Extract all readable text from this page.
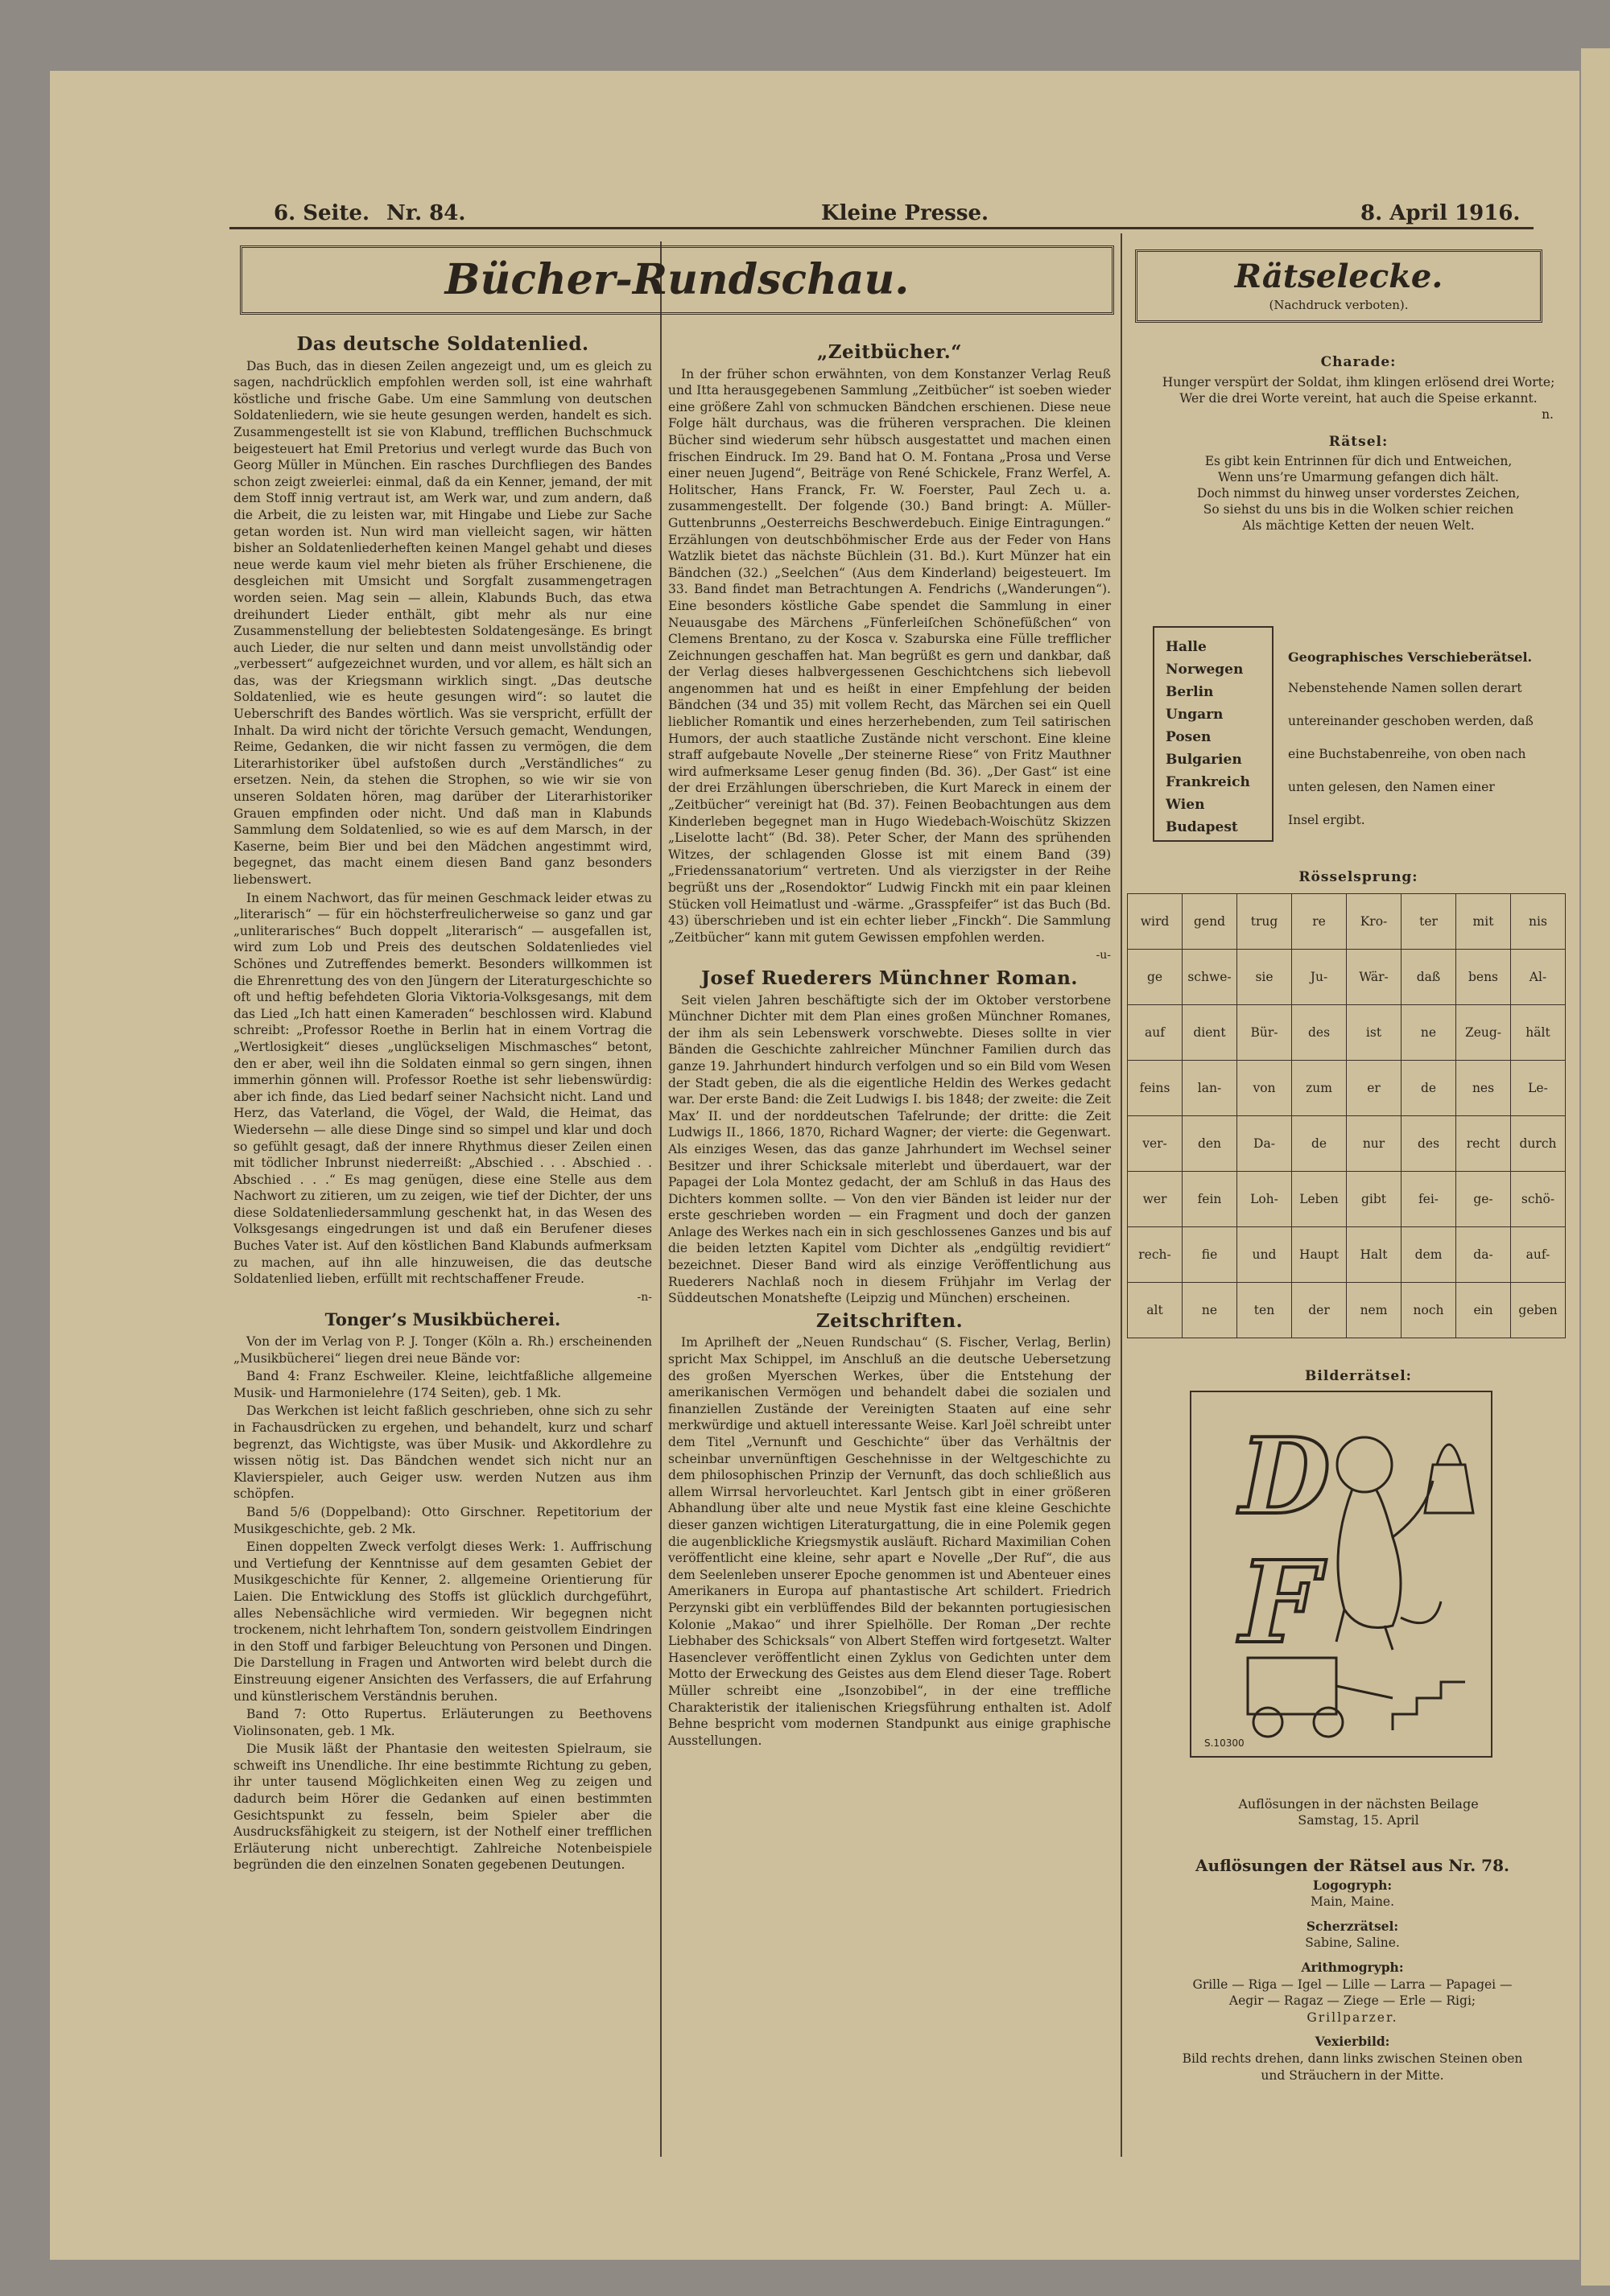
6. Seite. Nr. 84.	Kleine Presse.	8. April 1916.
Bücher-Rundschau.
Das deutsche Soldatenlied.

Das Buch, das in diesen Zeilen angezeigt und, um es gleich zu sagen, nachdrücklich empfohlen werden soll, ist eine wahrhaft köstliche und frische Gabe. Um eine Sammlung von deutschen Soldatenliedern, wie sie heute gesungen werden, handelt es sich. Zusammengestellt ist sie von Klabund, trefflichen Buchschmuck beigesteuert hat Emil Pretorius und verlegt wurde das Buch von Georg Müller in München. Ein rasches Durchfliegen des Bandes schon zeigt zweierlei: einmal, daß da ein Kenner, jemand, der mit dem Stoff innig vertraut ist, am Werk war, und zum andern, daß die Arbeit, die zu leisten war, mit Hingabe und Liebe zur Sache getan worden ist. Nun wird man vielleicht sagen, wir hätten bisher an Soldatenliederheften keinen Mangel gehabt und dieses neue werde kaum viel mehr bieten als früher Erschienene, die desgleichen mit Umsicht und Sorgfalt zusammengetragen worden seien. Mag sein — allein, Klabunds Buch, das etwa dreihundert Lieder enthält, gibt mehr als nur eine Zusammenstellung der beliebtesten Soldatengesänge. Es bringt auch Lieder, die nur selten und dann meist unvollständig oder „verbessert“ aufgezeichnet wurden, und vor allem, es hält sich an das, was der Kriegsmann wirklich singt. „Das deutsche Soldatenlied, wie es heute gesungen wird“: so lautet die Ueberschrift des Bandes wörtlich. Was sie verspricht, erfüllt der Inhalt. Da wird nicht der törichte Versuch gemacht, Wendungen, Reime, Gedanken, die wir nicht fassen zu vermögen, die dem Literarhistoriker übel aufstoßen durch „Verständliches“ zu ersetzen. Nein, da stehen die Strophen, so wie wir sie von unseren Soldaten hören, mag darüber der Literarhistoriker Grauen empfinden oder nicht. Und daß man in Klabunds Sammlung dem Soldatenlied, so wie es auf dem Marsch, in der Kaserne, beim Bier und bei den Mädchen angestimmt wird, begegnet, das macht einem diesen Band ganz besonders liebenswert.

In einem Nachwort, das für meinen Geschmack leider etwas zu „literarisch“ — für ein höchsterfreulicherweise so ganz und gar „unliterarisches“ Buch doppelt „literarisch“ — ausgefallen ist, wird zum Lob und Preis des deutschen Soldatenliedes viel Schönes und Zutreffendes bemerkt. Besonders willkommen ist die Ehrenrettung des von den Jüngern der Literaturgeschichte so oft und heftig befehdeten Gloria Viktoria-Volksgesangs, mit dem das Lied „Ich hatt einen Kameraden“ beschlossen wird. Klabund schreibt: „Professor Roethe in Berlin hat in einem Vortrag die „Wertlosigkeit“ dieses „unglückseligen Mischmasches“ betont, den er aber, weil ihn die Soldaten einmal so gern singen, ihnen immerhin gönnen will. Professor Roethe ist sehr liebenswürdig: aber ich finde, das Lied bedarf seiner Nachsicht nicht. Land und Herz, das Vaterland, die Vögel, der Wald, die Heimat, das Wiedersehn — alle diese Dinge sind so simpel und klar und doch so gefühlt gesagt, daß der innere Rhythmus dieser Zeilen einen mit tödlicher Inbrunst niederreißt: „Abschied . . . Abschied . . Abschied . . .“ Es mag genügen, diese eine Stelle aus dem Nachwort zu zitieren, um zu zeigen, wie tief der Dichter, der uns diese Soldatenliedersammlung geschenkt hat, in das Wesen des Volksgesangs eingedrungen ist und daß ein Berufener dieses Buches Vater ist. Auf den köstlichen Band Klabunds aufmerksam zu machen, auf ihn alle hinzuweisen, die das deutsche Soldatenlied lieben, erfüllt mit rechtschaffener Freude.

-n-
Tonger’s Musikbücherei.

Von der im Verlag von P. J. Tonger (Köln a. Rh.) erscheinenden „Musikbücherei“ liegen drei neue Bände vor:

Band 4: Franz Eschweiler. Kleine, leichtfaßliche allgemeine Musik- und Harmonielehre (174 Seiten), geb. 1 Mk.

Das Werkchen ist leicht faßlich geschrieben, ohne sich zu sehr in Fachausdrücken zu ergehen, und behandelt, kurz und scharf begrenzt, das Wichtigste, was über Musik- und Akkordlehre zu wissen nötig ist. Das Bändchen wendet sich nicht nur an Klavierspieler, auch Geiger usw. werden Nutzen aus ihm schöpfen.

Band 5/6 (Doppelband): Otto Girschner. Repetitorium der Musikgeschichte, geb. 2 Mk.

Einen doppelten Zweck verfolgt dieses Werk: 1. Auffrischung und Vertiefung der Kenntnisse auf dem gesamten Gebiet der Musikgeschichte für Kenner, 2. allgemeine Orientierung für Laien. Die Entwicklung des Stoffs ist glücklich durchgeführt, alles Nebensächliche wird vermieden. Wir begegnen nicht trockenem, nicht lehrhaftem Ton, sondern geistvollem Eindringen in den Stoff und farbiger Beleuchtung von Personen und Dingen. Die Darstellung in Fragen und Antworten wird belebt durch die Einstreuung eigener Ansichten des Verfassers, die auf Erfahrung und künstlerischem Verständnis beruhen.

Band 7: Otto Rupertus. Erläuterungen zu Beethovens Violinsonaten, geb. 1 Mk.

Die Musik läßt der Phantasie den weitesten Spielraum, sie schweift ins Unendliche. Ihr eine bestimmte Richtung zu geben, ihr unter tausend Möglichkeiten einen Weg zu zeigen und dadurch beim Hörer die Gedanken auf einen bestimmten Gesichtspunkt zu fesseln, beim Spieler aber die Ausdrucksfähigkeit zu steigern, ist der Nothelf einer trefflichen Erläuterung nicht unberechtigt. Zahlreiche Notenbeispiele begründen die den einzelnen Sonaten gegebenen Deutungen.

„Zeitbücher.“

In der früher schon erwähnten, von dem Konstanzer Verlag Reuß und Itta herausgegebenen Sammlung „Zeitbücher“ ist soeben wieder eine größere Zahl von schmucken Bändchen erschienen. Diese neue Folge hält durchaus, was die früheren versprachen. Die kleinen Bücher sind wiederum sehr hübsch ausgestattet und machen einen frischen Eindruck. Im 29. Band hat O. M. Fontana „Prosa und Verse einer neuen Jugend“, Beiträge von René Schickele, Franz Werfel, A. Holitscher, Hans Franck, Fr. W. Foerster, Paul Zech u. a. zusammengestellt. Der folgende (30.) Band bringt: A. Müller-Guttenbrunns „Oesterreichs Beschwerdebuch. Einige Eintragungen.“ Erzählungen von deutschböhmischer Erde aus der Feder von Hans Watzlik bietet das nächste Büchlein (31. Bd.). Kurt Münzer hat ein Bändchen (32.) „Seelchen“ (Aus dem Kinderland) beigesteuert. Im 33. Band findet man Betrachtungen A. Fendrichs („Wanderungen“). Eine besonders köstliche Gabe spendet die Sammlung in einer Neuausgabe des Märchens „Fünferleiſchen Schönefüßchen“ von Clemens Brentano, zu der Kosca v. Szaburska eine Fülle trefflicher Zeichnungen geschaffen hat. Man begrüßt es gern und dankbar, daß der Verlag dieses halbvergessenen Geschichtchens sich liebevoll angenommen hat und es heißt in einer Empfehlung der beiden Bändchen (34 und 35) mit vollem Recht, das Märchen sei ein Quell lieblicher Romantik und eines herzerhebenden, zum Teil satirischen Humors, der auch staatliche Zustände nicht verschont. Eine kleine straff aufgebaute Novelle „Der steinerne Riese“ von Fritz Mauthner wird aufmerksame Leser genug finden (Bd. 36). „Der Gast“ ist eine der drei Erzählungen überschrieben, die Kurt Mareck in einem der „Zeitbücher“ vereinigt hat (Bd. 37). Feinen Beobachtungen aus dem Kinderleben begegnet man in Hugo Wiedebach-Woischütz Skizzen „Liselotte lacht“ (Bd. 38). Peter Scher, der Mann des sprühenden Witzes, der schlagenden Glosse ist mit einem Band (39) „Friedenssanatorium“ vertreten. Und als vierzigster in der Reihe begrüßt uns der „Rosendoktor“ Ludwig Finckh mit ein paar kleinen Stücken voll Heimatlust und -wärme. „Grasspfeifer“ ist das Buch (Bd. 43) überschrieben und ist ein echter lieber „Finckh“. Die Sammlung „Zeitbücher“ kann mit gutem Gewissen empfohlen werden.

-u-
Josef Ruederers Münchner Roman.

Seit vielen Jahren beschäftigte sich der im Oktober verstorbene Münchner Dichter mit dem Plan eines großen Münchner Romanes, der ihm als sein Lebenswerk vorschwebte. Dieses sollte in vier Bänden die Geschichte zahlreicher Münchner Familien durch das ganze 19. Jahrhundert hindurch verfolgen und so ein Bild vom Wesen der Stadt geben, die als die eigentliche Heldin des Werkes gedacht war. Der erste Band: die Zeit Ludwigs I. bis 1848; der zweite: die Zeit Max’ II. und der norddeutschen Tafelrunde; der dritte: die Zeit Ludwigs II., 1866, 1870, Richard Wagner; der vierte: die Gegenwart. Als einziges Wesen, das das ganze Jahrhundert im Wechsel seiner Besitzer und ihrer Schicksale miterlebt und überdauert, war der Papagei der Lola Montez gedacht, der am Schluß in das Haus des Dichters kommen sollte. — Von den vier Bänden ist leider nur der erste geschrieben worden — ein Fragment und doch der ganzen Anlage des Werkes nach ein in sich geschlossenes Ganzes und bis auf die beiden letzten Kapitel vom Dichter als „endgültig revidiert“ bezeichnet. Dieser Band wird als einzige Veröffentlichung aus Ruederers Nachlaß noch in diesem Frühjahr im Verlag der Süddeutschen Monatshefte (Leipzig und München) erscheinen.

Zeitschriften.

Im Aprilheft der „Neuen Rundschau“ (S. Fischer, Verlag, Berlin) spricht Max Schippel, im Anschluß an die deutsche Uebersetzung des großen Myerschen Werkes, über die Entstehung der amerikanischen Vermögen und behandelt dabei die sozialen und finanziellen Zustände der Vereinigten Staaten auf eine sehr merkwürdige und aktuell interessante Weise. Karl Joël schreibt unter dem Titel „Vernunft und Geschichte“ über das Verhältnis der scheinbar unvernünftigen Geschehnisse in der Weltgeschichte zu dem philosophischen Prinzip der Vernunft, das doch schließlich aus allem Wirrsal hervorleuchtet. Karl Jentsch gibt in einer größeren Abhandlung über alte und neue Mystik fast eine kleine Geschichte dieser ganzen wichtigen Literaturgattung, die in eine Polemik gegen die augenblickliche Kriegsmystik ausläuft. Richard Maximilian Cohen veröffentlicht eine kleine, sehr apart e Novelle „Der Ruf“, die aus dem Seelenleben unserer Epoche genommen ist und Abenteuer eines Amerikaners in Europa auf phantastische Art schildert. Friedrich Perzynski gibt ein verblüffendes Bild der bekannten portugiesischen Kolonie „Makao“ und ihrer Spielhölle. Der Roman „Der rechte Liebhaber des Schicksals“ von Albert Steffen wird fortgesetzt. Walter Hasenclever veröffentlicht einen Zyklus von Gedichten unter dem Motto der Erweckung des Geistes aus dem Elend dieser Tage. Robert Müller schreibt eine „Isonzobibel“, in der eine treffliche Charakteristik der italienischen Kriegsführung enthalten ist. Adolf Behne bespricht vom modernen Standpunkt aus einige graphische Ausstellungen.

Rätselecke.
(Nachdruck verboten).
Charade:
Hunger verspürt der Soldat, ihm klingen erlösend drei Worte;
Wer die drei Worte vereint, hat auch die Speise erkannt.
n.
Rätsel:
Es gibt kein Entrinnen für dich und Entweichen,
Wenn uns’re Umarmung gefangen dich hält.
Doch nimmst du hinweg unser vorderstes Zeichen,
So siehst du uns bis in die Wolken schier reichen
Als mächtige Ketten der neuen Welt.
Halle
Norwegen
Berlin
Ungarn
Posen
Bulgarien
Frankreich
Wien
Budapest
Geographisches Verschieberätsel.
Nebenstehende Namen sollen derart
untereinander geschoben werden, daß
eine Buchstabenreihe, von oben nach
unten gelesen, den Namen einer
Insel ergibt.
Rösselsprung:
wird	gend	trug	re	Kro-	ter	mit	nis
ge	schwe-	sie	Ju-	Wär-	daß	bens	Al-
auf	dient	Bür-	des	ist	ne	Zeug-	hält
feins	lan-	von	zum	er	de	nes	Le-
ver-	den	Da-	de	nur	des	recht	durch
wer	fein	Loh-	Leben	gibt	fei-	ge-	schö-
rech-	fie	und	Haupt	Halt	dem	da-	auf-
alt	ne	ten	der	nem	noch	ein	geben
Bilderrätsel:
D
F
S.10300
Auflösungen in der nächsten Beilage
Samstag, 15. April
Auflösungen der Rätsel aus Nr. 78.
Logogryph:
Main, Maine.
Scherzrätsel:
Sabine, Saline.
Arithmogryph:
Grille — Riga — Igel — Lille — Larra — Papagei —
Aegir — Ragaz — Ziege — Erle — Rigi;
Grillparzer.
Vexierbild:
Bild rechts drehen, dann links zwischen Steinen oben
und Sträuchern in der Mitte.
